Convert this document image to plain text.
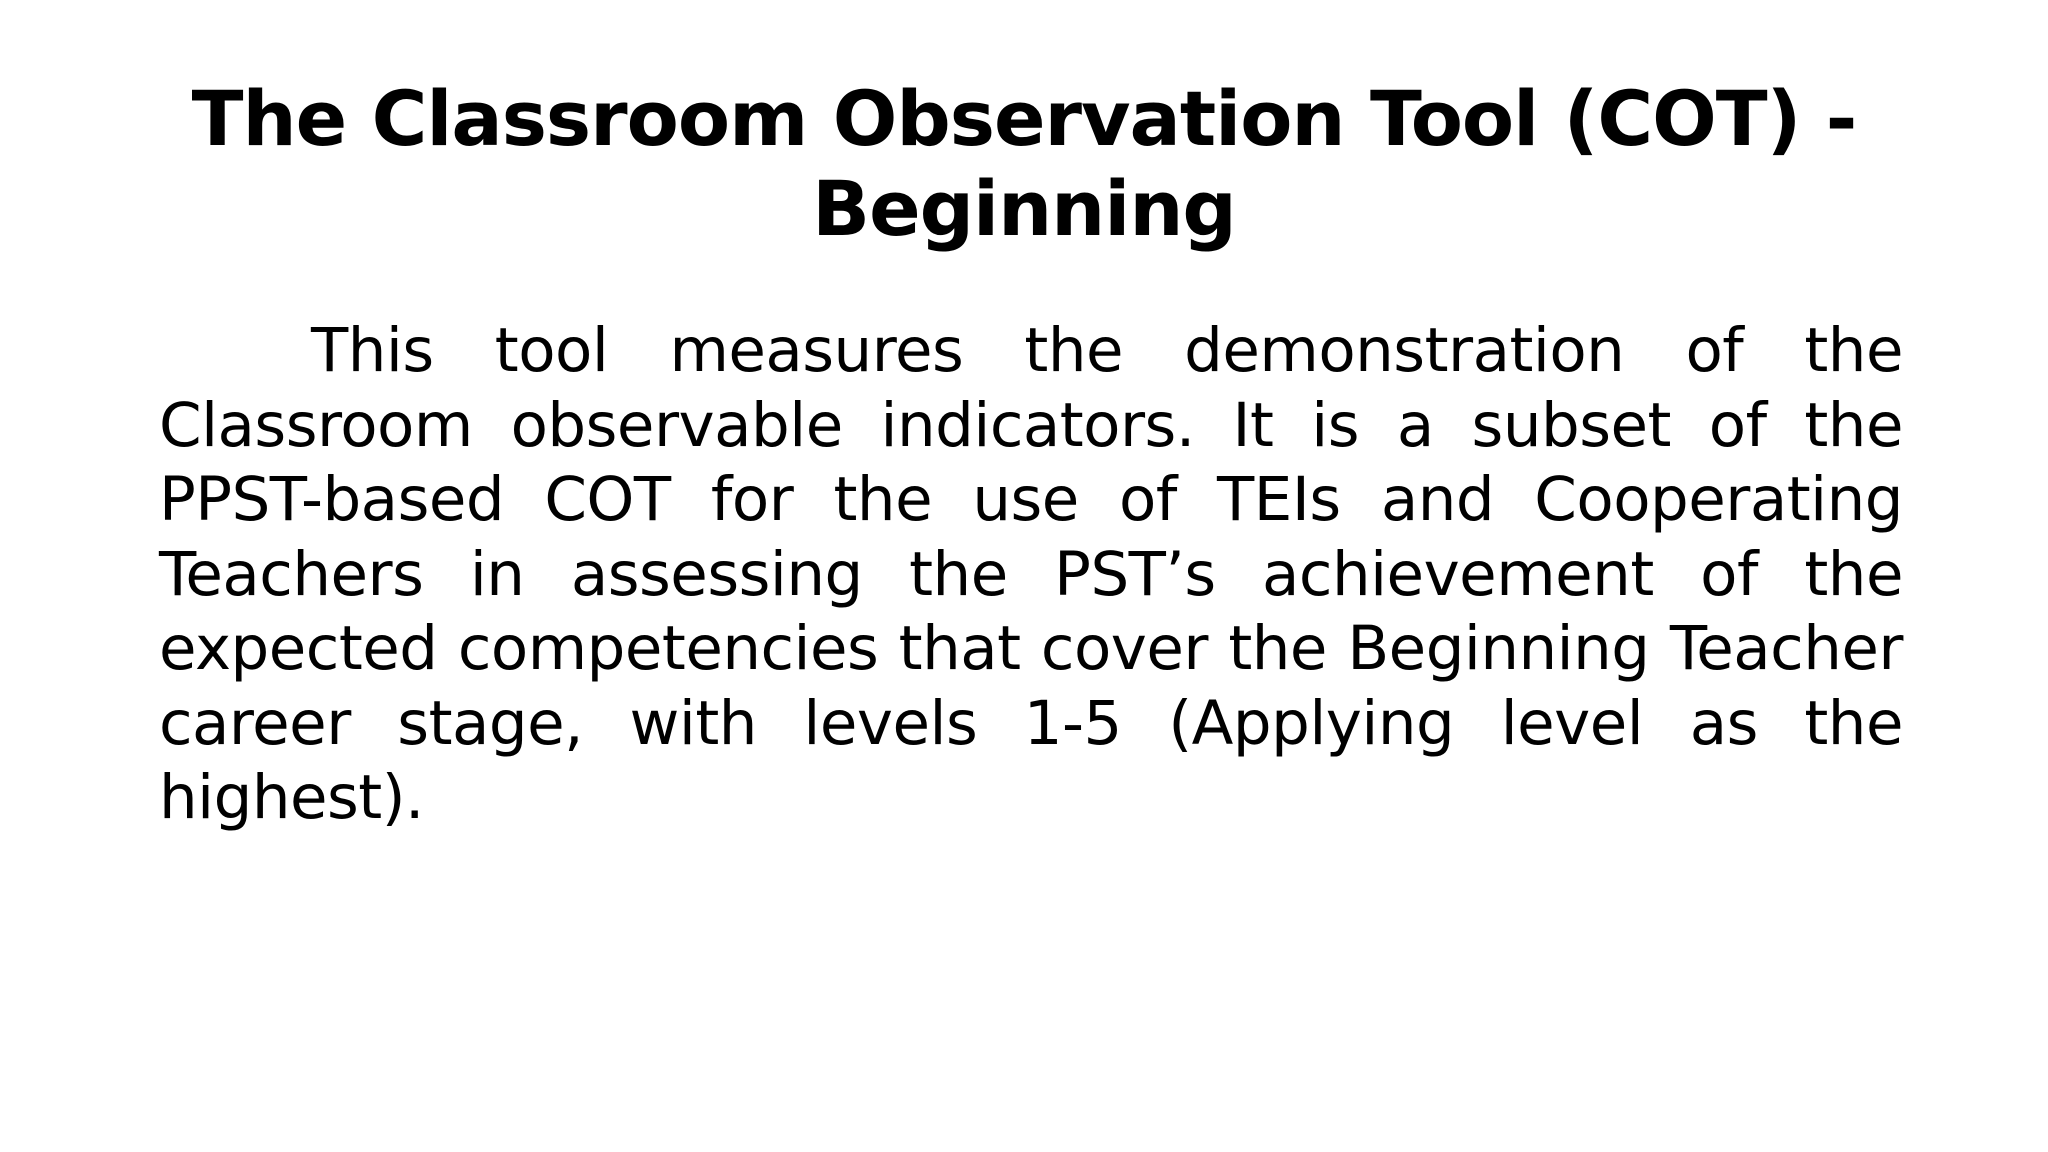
The Classroom Observation Tool (COT) -
Beginning

This tool measures the demonstration of the Classroom observable indicators. It is a subset of the PPST-based COT for the use of TEIs and Cooperating Teachers in assessing the PST’s achievement of the expected competencies that cover the Beginning Teacher career stage, with levels 1-5 (Applying level as the highest).
